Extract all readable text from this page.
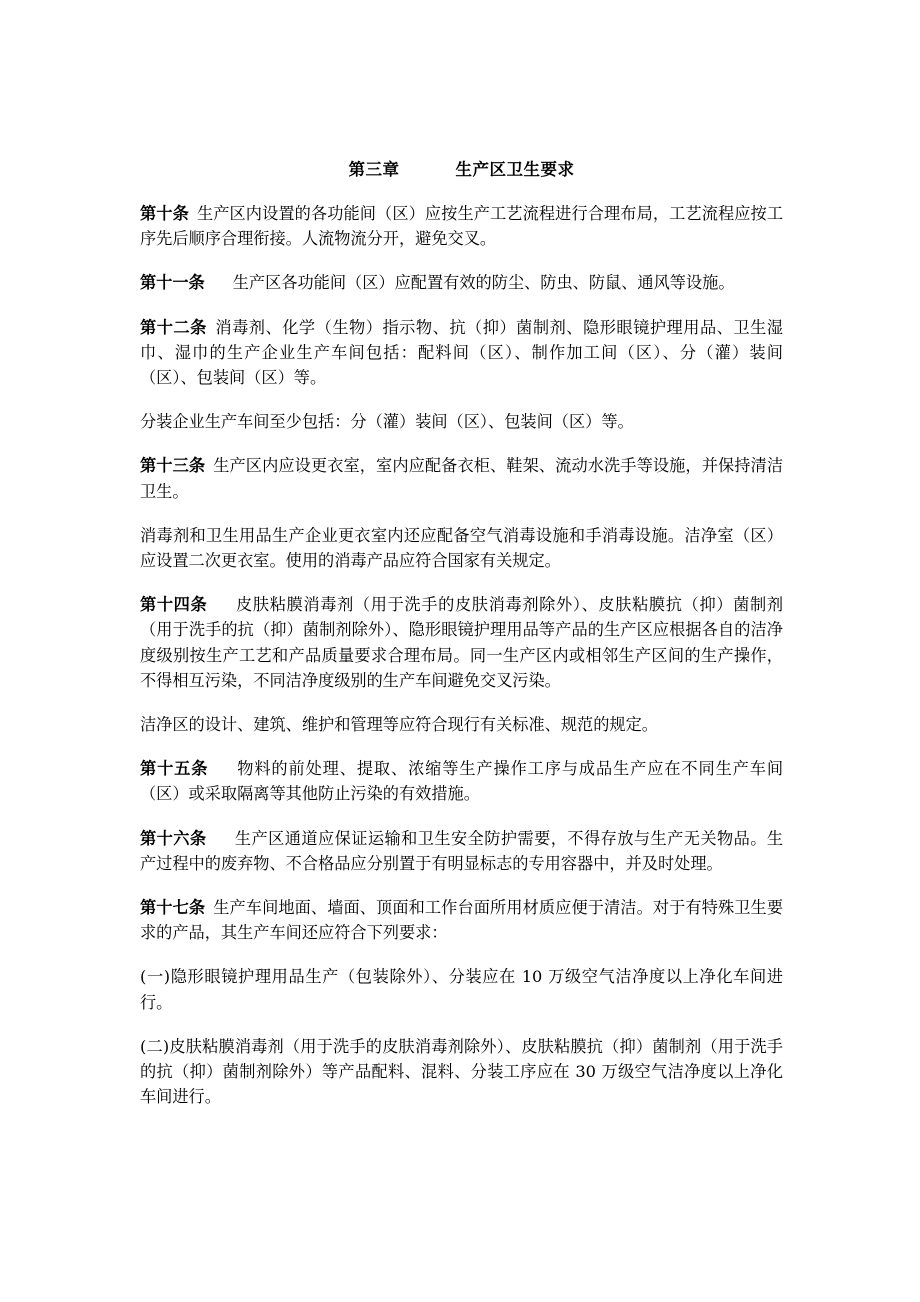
第三章	生产区卫生要求

第十条 生产区内设置的各功能间（区）应按生产工艺流程进行合理布局，工艺流程应按工序先后顺序合理衔接。人流物流分开，避免交叉。

第十一条 生产区各功能间（区）应配置有效的防尘、防虫、防鼠、通风等设施。

第十二条 消毒剂、化学（生物）指示物、抗（抑）菌制剂、隐形眼镜护理用品、卫生湿巾、湿巾的生产企业生产车间包括：配料间（区）、制作加工间（区）、分（灌）装间（区）、包装间（区）等。

分装企业生产车间至少包括：分（灌）装间（区）、包装间（区）等。

第十三条 生产区内应设更衣室，室内应配备衣柜、鞋架、流动水洗手等设施，并保持清洁卫生。

消毒剂和卫生用品生产企业更衣室内还应配备空气消毒设施和手消毒设施。洁净室（区）应设置二次更衣室。使用的消毒产品应符合国家有关规定。

第十四条 皮肤粘膜消毒剂（用于洗手的皮肤消毒剂除外）、皮肤粘膜抗（抑）菌制剂（用于洗手的抗（抑）菌制剂除外）、隐形眼镜护理用品等产品的生产区应根据各自的洁净度级别按生产工艺和产品质量要求合理布局。同一生产区内或相邻生产区间的生产操作，不得相互污染，不同洁净度级别的生产车间避免交叉污染。

洁净区的设计、建筑、维护和管理等应符合现行有关标准、规范的规定。

第十五条 物料的前处理、提取、浓缩等生产操作工序与成品生产应在不同生产车间（区）或采取隔离等其他防止污染的有效措施。

第十六条 生产区通道应保证运输和卫生安全防护需要，不得存放与生产无关物品。生产过程中的废弃物、不合格品应分别置于有明显标志的专用容器中，并及时处理。

第十七条 生产车间地面、墙面、顶面和工作台面所用材质应便于清洁。对于有特殊卫生要求的产品，其生产车间还应符合下列要求：

(一)隐形眼镜护理用品生产（包装除外）、分装应在 10 万级空气洁净度以上净化车间进行。

(二)皮肤粘膜消毒剂（用于洗手的皮肤消毒剂除外）、皮肤粘膜抗（抑）菌制剂（用于洗手的抗（抑）菌制剂除外）等产品配料、混料、分装工序应在 30 万级空气洁净度以上净化车间进行。
